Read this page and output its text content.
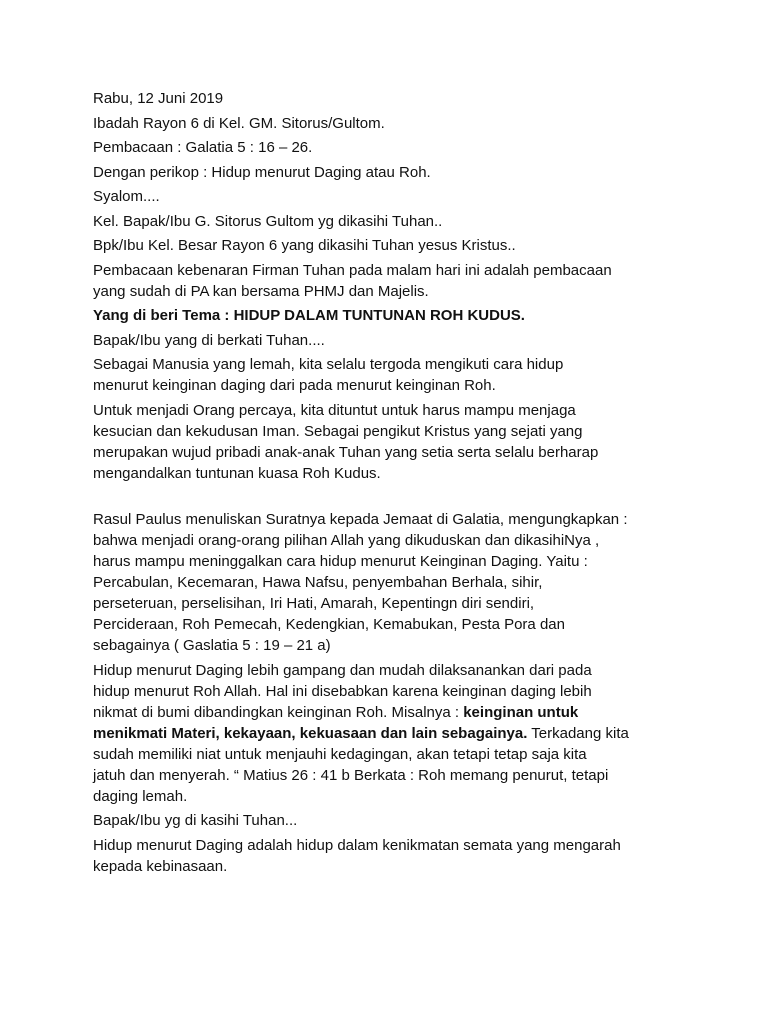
Rabu, 12 Juni 2019

Ibadah Rayon 6 di Kel. GM. Sitorus/Gultom.

Pembacaan : Galatia 5 : 16 – 26.

Dengan perikop : Hidup menurut Daging atau Roh.

Syalom....

Kel. Bapak/Ibu G. Sitorus Gultom yg dikasihi Tuhan..

Bpk/Ibu Kel. Besar Rayon 6 yang dikasihi Tuhan yesus Kristus..

Pembacaan kebenaran Firman Tuhan pada malam hari ini adalah pembacaan
yang sudah di PA kan bersama PHMJ dan Majelis.

Yang di beri Tema : HIDUP DALAM TUNTUNAN ROH KUDUS.

Bapak/Ibu yang di berkati Tuhan....

Sebagai Manusia yang lemah, kita selalu tergoda mengikuti cara hidup
menurut keinginan daging dari pada menurut keinginan Roh.

Untuk menjadi Orang percaya, kita dituntut untuk harus mampu menjaga
kesucian dan kekudusan Iman. Sebagai pengikut Kristus yang sejati yang
merupakan wujud pribadi anak-anak Tuhan yang setia serta selalu berharap
mengandalkan tuntunan kuasa Roh Kudus.

Rasul Paulus menuliskan Suratnya kepada Jemaat di Galatia, mengungkapkan :
bahwa menjadi orang-orang pilihan Allah yang dikuduskan dan dikasihiNya ,
harus mampu meninggalkan cara hidup menurut Keinginan Daging. Yaitu :
Percabulan, Kecemaran, Hawa Nafsu, penyembahan Berhala, sihir,
perseteruan, perselisihan, Iri Hati, Amarah, Kepentingn diri sendiri,
Percideraan, Roh Pemecah, Kedengkian, Kemabukan, Pesta Pora dan
sebagainya ( Gaslatia 5 : 19 – 21 a)

Hidup menurut Daging lebih gampang dan mudah dilaksanankan dari pada
hidup menurut Roh Allah. Hal ini disebabkan karena keinginan daging lebih
nikmat di bumi dibandingkan keinginan Roh. Misalnya : keinginan untuk
menikmati Materi, kekayaan, kekuasaan dan lain sebagainya. Terkadang kita
sudah memiliki niat untuk menjauhi kedagingan, akan tetapi tetap saja kita
jatuh dan menyerah. “ Matius 26 : 41 b Berkata : Roh memang penurut, tetapi
daging lemah.

Bapak/Ibu yg di kasihi Tuhan...

Hidup menurut Daging adalah hidup dalam kenikmatan semata yang mengarah
kepada kebinasaan.
